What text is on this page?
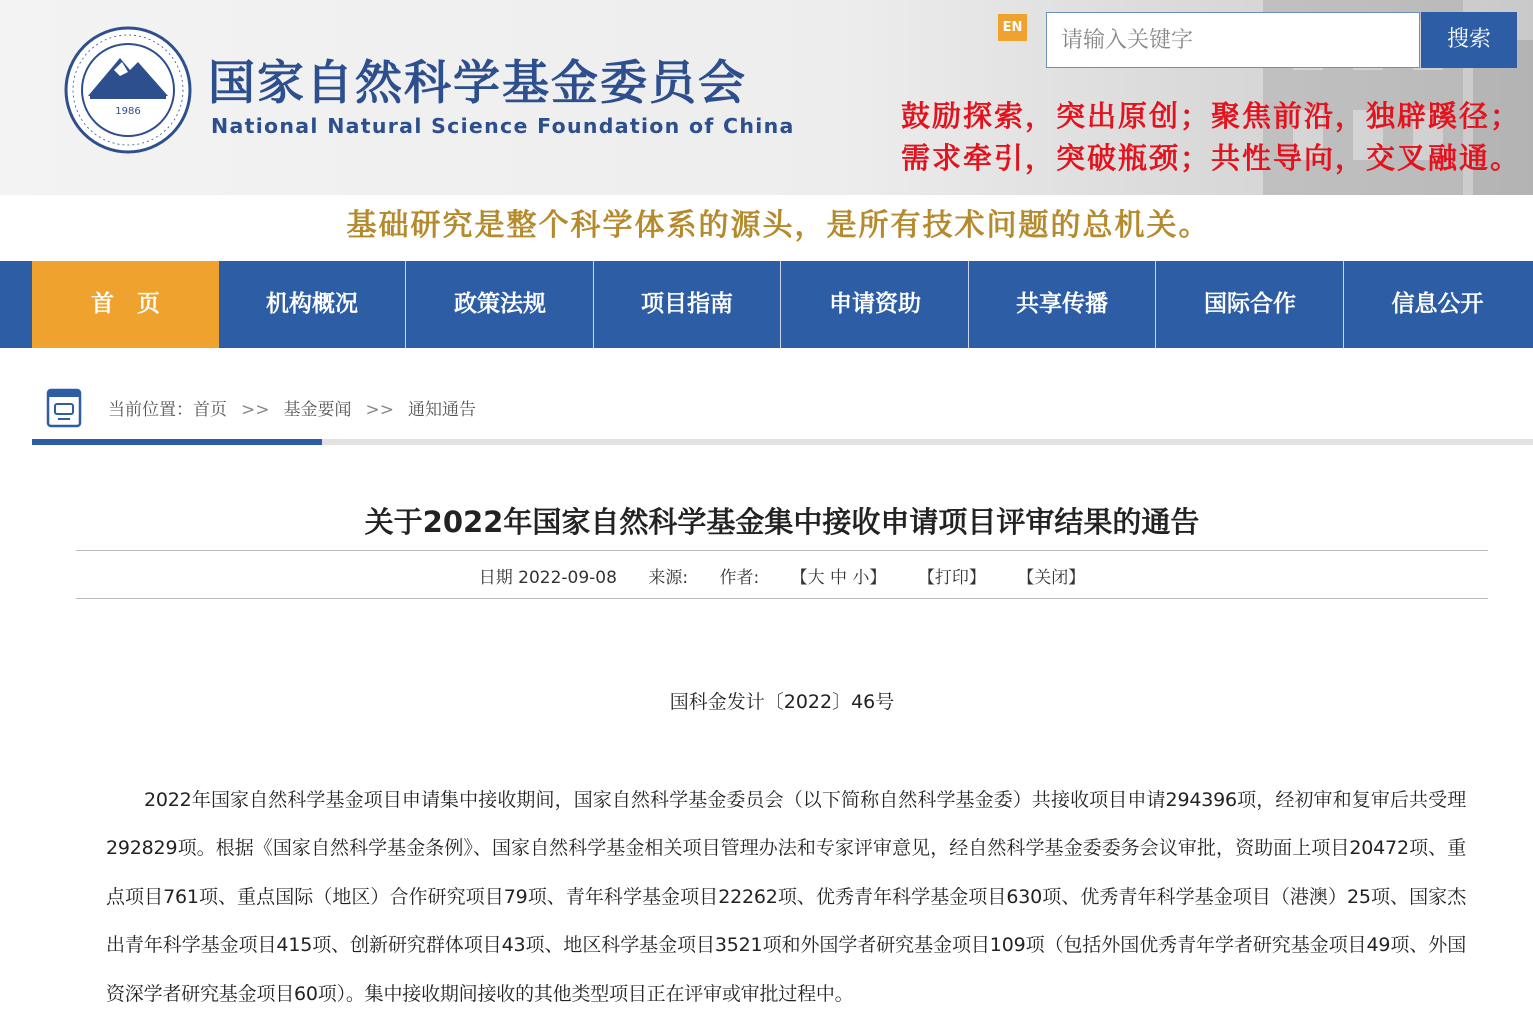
1986
国家自然科学基金委员会
National Natural Science Foundation of China
EN	请输入关键字	搜索
鼓励探索，突出原创；聚焦前沿，独辟蹊径；
需求牵引，突破瓶颈；共性导向，交叉融通。
基础研究是整个科学体系的源头，是所有技术问题的总机关。
首　页	机构概况	政策法规	项目指南	申请资助	共享传播	国际合作	信息公开
当前位置：首页 >> 基金要闻 >> 通知通告
关于2022年国家自然科学基金集中接收申请项目评审结果的通告
日期 2022-09-08 来源: 作者: 【大 中 小】 【打印】 【关闭】
国科金发计〔2022〕46号
2022年国家自然科学基金项目申请集中接收期间，国家自然科学基金委员会（以下简称自然科学基金委）共接收项目申请294396项，经初审和复审后共受理292829项。根据《国家自然科学基金条例》、国家自然科学基金相关项目管理办法和专家评审意见，经自然科学基金委委务会议审批，资助面上项目20472项、重点项目761项、重点国际（地区）合作研究项目79项、青年科学基金项目22262项、优秀青年科学基金项目630项、优秀青年科学基金项目（港澳）25项、国家杰出青年科学基金项目415项、创新研究群体项目43项、地区科学基金项目3521项和外国学者研究基金项目109项（包括外国优秀青年学者研究基金项目49项、外国资深学者研究基金项目60项）。集中接收期间接收的其他类型项目正在评审或审批过程中。
